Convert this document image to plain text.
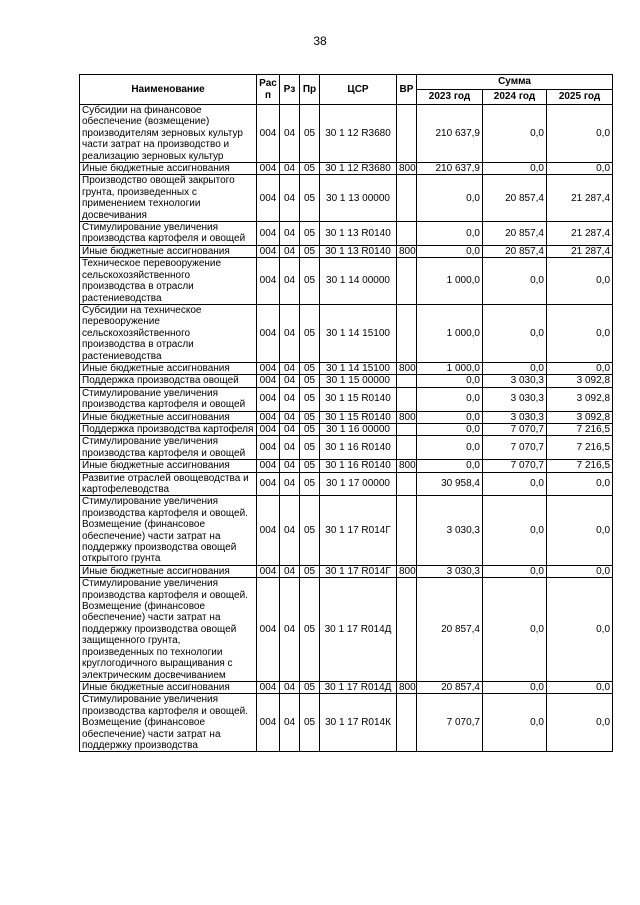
38
Наименование	Рас п	Рз	Пр	ЦСР	ВР	Сумма		
						2023 год	2024 год	2025 год
Субсидии на финансовое обеспечение (возмещение) производителям зерновых культур части затрат на производство и реализацию зерновых культур	004	04	05	30 1 12 R3680		210 637,9	0,0	0,0
Иные бюджетные ассигнования	004	04	05	30 1 12 R3680	800	210 637,9	0,0	0,0
Производство овощей закрытого грунта, произведенных с применением технологии досвечивания	004	04	05	30 1 13 00000		0,0	20 857,4	21 287,4
Стимулирование увеличения производства картофеля и овощей	004	04	05	30 1 13 R0140		0,0	20 857,4	21 287,4
Иные бюджетные ассигнования	004	04	05	30 1 13 R0140	800	0,0	20 857,4	21 287,4
Техническое перевооружение сельскохозяйственного производства в отрасли растениеводства	004	04	05	30 1 14 00000		1 000,0	0,0	0,0
Субсидии на техническое перевооружение сельскохозяйственного производства в отрасли растениеводства	004	04	05	30 1 14 15100		1 000,0	0,0	0,0
Иные бюджетные ассигнования	004	04	05	30 1 14 15100	800	1 000,0	0,0	0,0
Поддержка производства овощей	004	04	05	30 1 15 00000		0,0	3 030,3	3 092,8
Стимулирование увеличения производства картофеля и овощей	004	04	05	30 1 15 R0140		0,0	3 030,3	3 092,8
Иные бюджетные ассигнования	004	04	05	30 1 15 R0140	800	0,0	3 030,3	3 092,8
Поддержка производства картофеля	004	04	05	30 1 16 00000		0,0	7 070,7	7 216,5
Стимулирование увеличения производства картофеля и овощей	004	04	05	30 1 16 R0140		0,0	7 070,7	7 216,5
Иные бюджетные ассигнования	004	04	05	30 1 16 R0140	800	0,0	7 070,7	7 216,5
Развитие отраслей овощеводства и картофелеводства	004	04	05	30 1 17 00000		30 958,4	0,0	0,0
Стимулирование увеличения производства картофеля и овощей. Возмещение (финансовое обеспечение) части затрат на поддержку производства овощей открытого грунта	004	04	05	30 1 17 R014Г		3 030,3	0,0	0,0
Иные бюджетные ассигнования	004	04	05	30 1 17 R014Г	800	3 030,3	0,0	0,0
Стимулирование увеличения производства картофеля и овощей. Возмещение (финансовое обеспечение) части затрат на поддержку производства овощей защищенного грунта, произведенных по технологии круглогодичного выращивания с электрическим досвечиванием	004	04	05	30 1 17 R014Д		20 857,4	0,0	0,0
Иные бюджетные ассигнования	004	04	05	30 1 17 R014Д	800	20 857,4	0,0	0,0
Стимулирование увеличения производства картофеля и овощей. Возмещение (финансовое обеспечение) части затрат на поддержку производства	004	04	05	30 1 17 R014К		7 070,7	0,0	0,0
